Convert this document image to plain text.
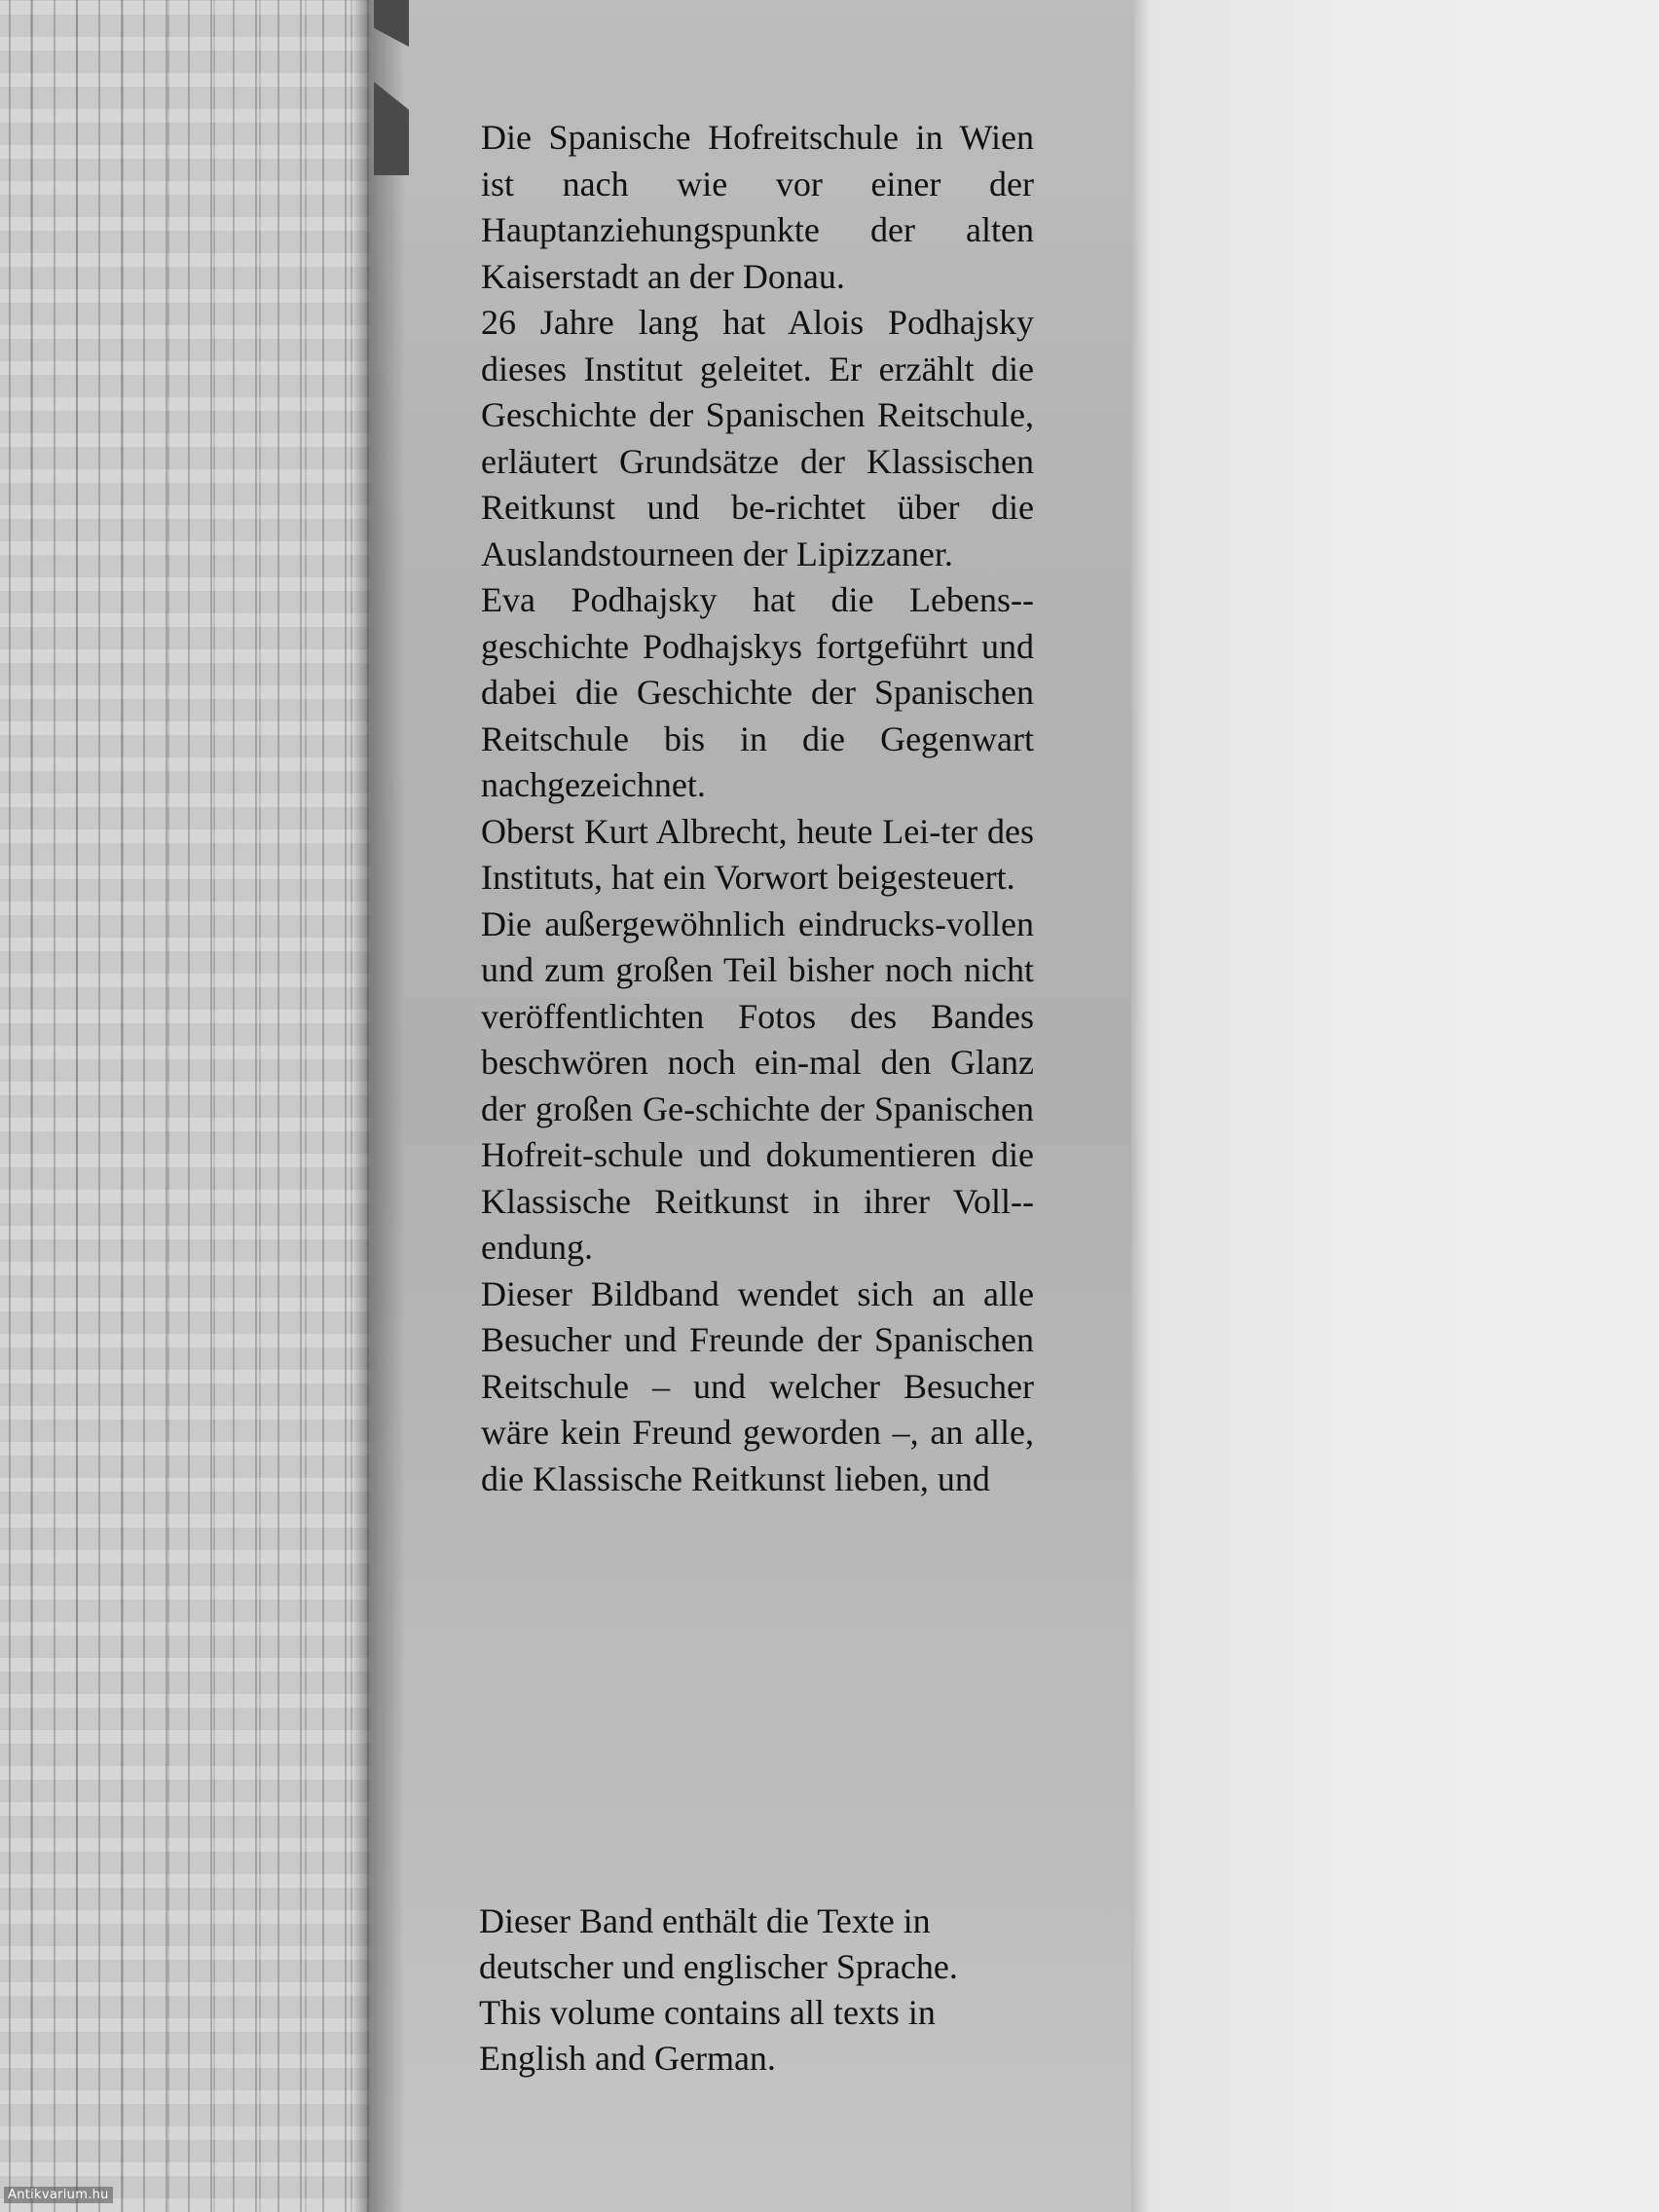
Die Spanische Hofreitschule in Wien ist nach wie vor einer der Hauptanziehungspunkte der alten Kaiserstadt an der Donau.

26 Jahre lang hat Alois Podhajsky dieses Institut geleitet. Er erzählt die Geschichte der Spanischen Reitschule, erläutert Grundsätze der Klassischen Reitkunst und be-richtet über die Auslandstourneen der Lipizzaner.

Eva Podhajsky hat die Lebens-geschichte Podhajskys fortgeführt und dabei die Geschichte der Spanischen Reitschule bis in die Gegenwart nachgezeichnet.

Oberst Kurt Albrecht, heute Lei-ter des Instituts, hat ein Vorwort beigesteuert.

Die außergewöhnlich eindrucks-vollen und zum großen Teil bisher noch nicht veröffentlichten Fotos des Bandes beschwören noch ein-mal den Glanz der großen Ge-schichte der Spanischen Hofreit-schule und dokumentieren die Klassische Reitkunst in ihrer Voll-endung.

Dieser Bildband wendet sich an alle Besucher und Freunde der Spanischen Reitschule – und welcher Besucher wäre kein Freund geworden –, an alle, die Klassische Reitkunst lieben, und

Dieser Band enthält die Texte in

deutscher und englischer Sprache.

This volume contains all texts in

English and German.

Antikvarium.hu
